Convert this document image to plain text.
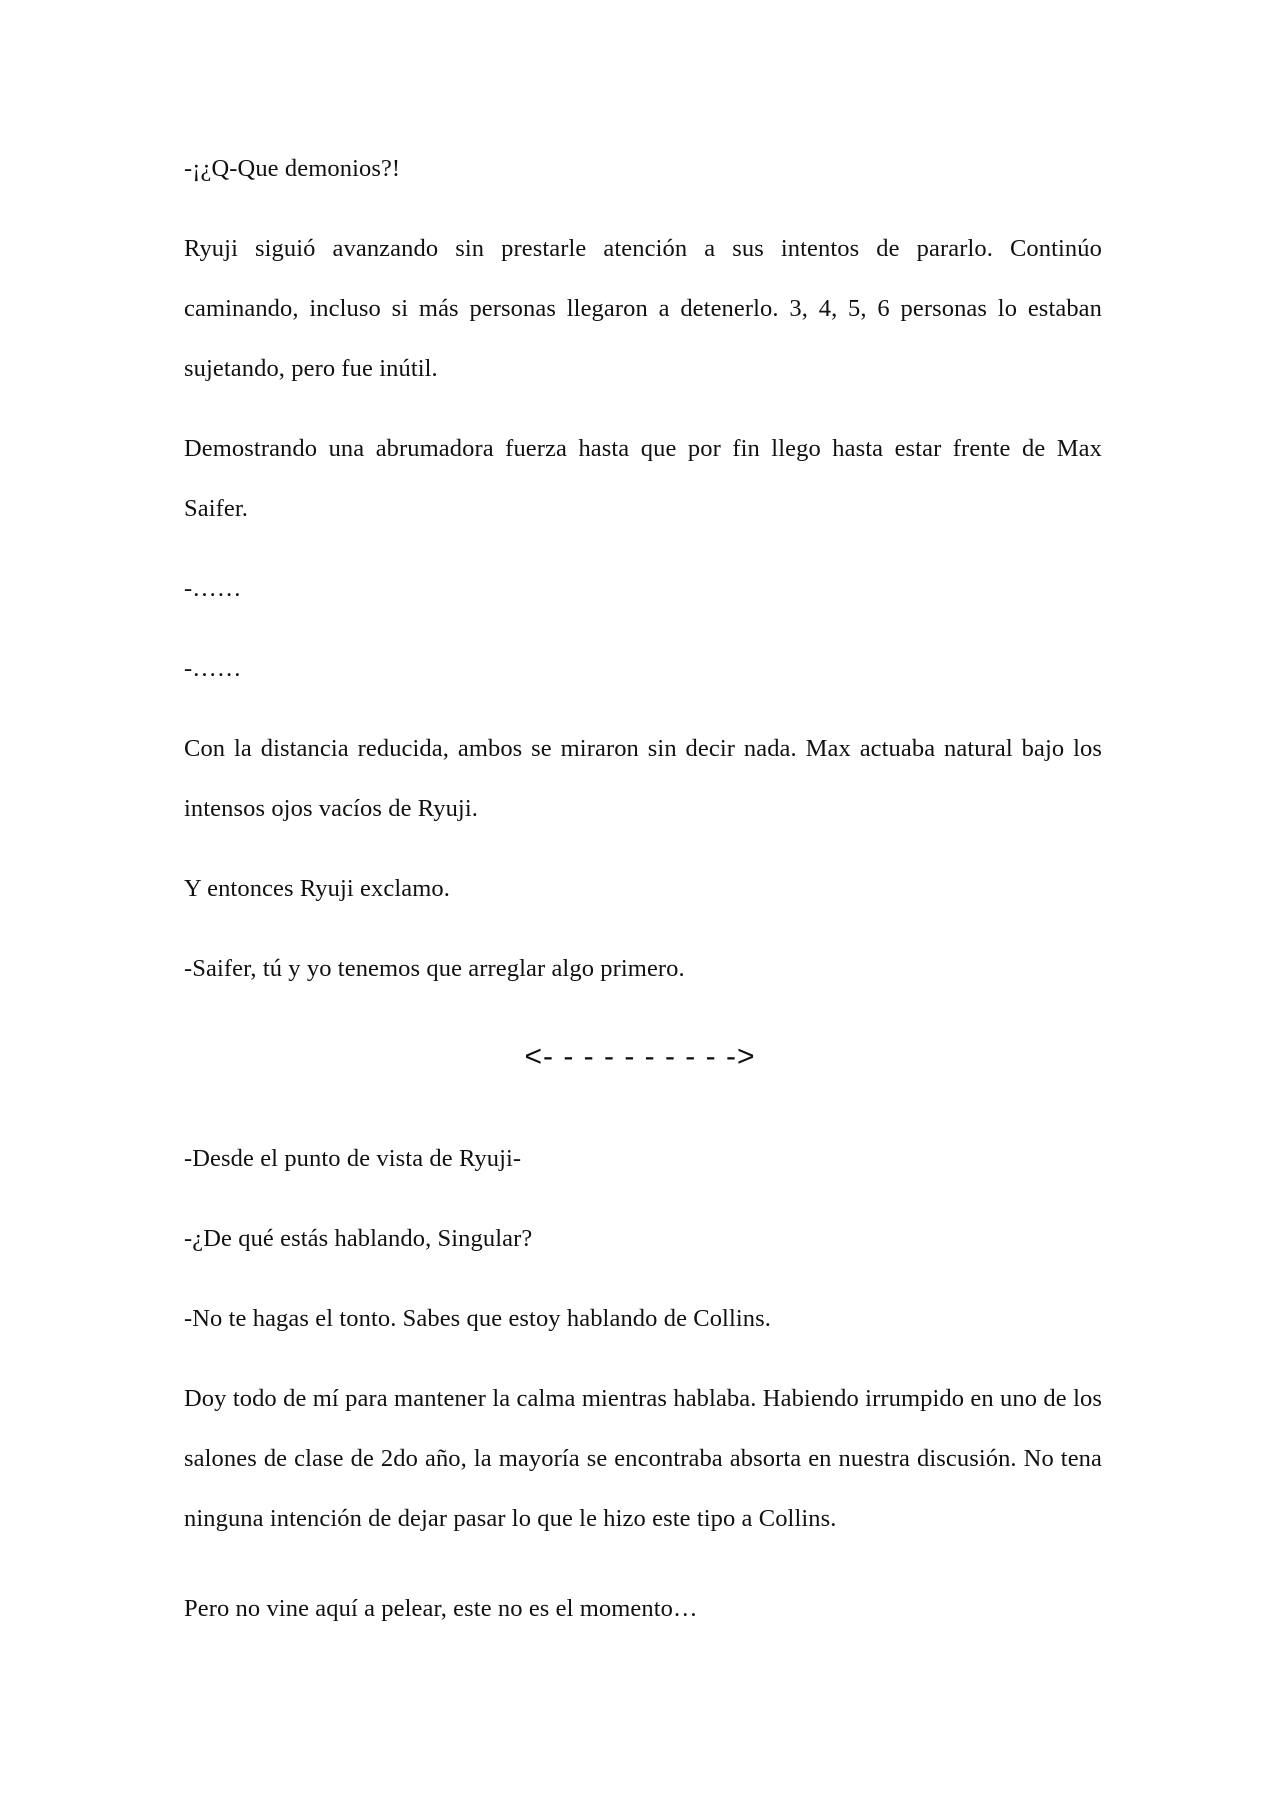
-¡¿Q-Que demonios?!

Ryuji siguió avanzando sin prestarle atención a sus intentos de pararlo. Continúo caminando, incluso si más personas llegaron a detenerlo. 3, 4, 5, 6 personas lo estaban sujetando, pero fue inútil.

Demostrando una abrumadora fuerza hasta que por fin llego hasta estar frente de Max Saifer.

-……

-……

Con la distancia reducida, ambos se miraron sin decir nada. Max actuaba natural bajo los intensos ojos vacíos de Ryuji.

Y entonces Ryuji exclamo.

-Saifer, tú y yo tenemos que arreglar algo primero.

<- - - - - - - - - ->

-Desde el punto de vista de Ryuji-

-¿De qué estás hablando, Singular?

-No te hagas el tonto. Sabes que estoy hablando de Collins.

Doy todo de mí para mantener la calma mientras hablaba. Habiendo irrumpido en uno de los salones de clase de 2do año, la mayoría se encontraba absorta en nuestra discusión. No tena ninguna intención de dejar pasar lo que le hizo este tipo a Collins.

Pero no vine aquí a pelear, este no es el momento…
